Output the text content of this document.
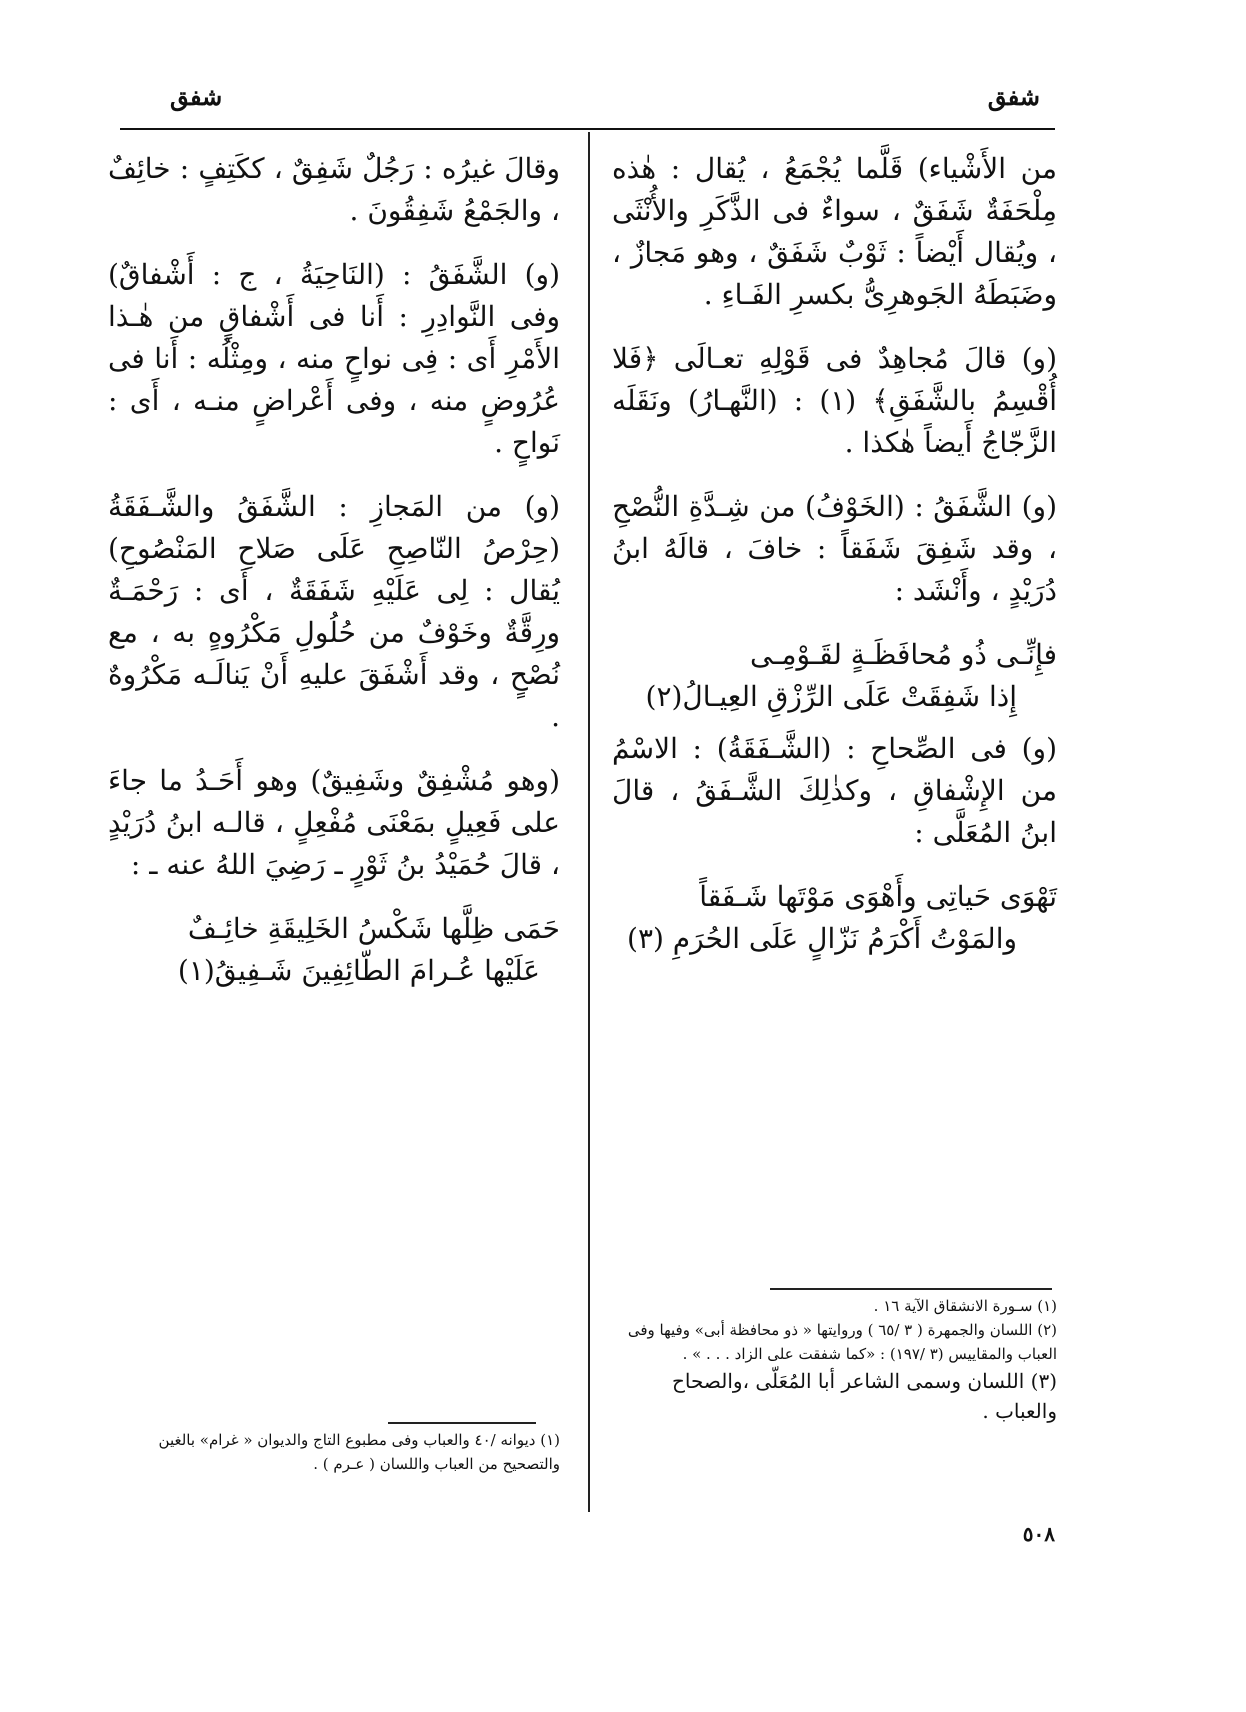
شفق
شفق

من الأَشْياء) قَلَّما يُجْمَعُ ، يُقال : هٰذه مِلْحَفَةٌ شَفَقٌ ، سواءٌ فى الذَّكَرِ والأُنْثَى ، ويُقال أَيْضاً : ثَوْبٌ شَفَقٌ ، وهو مَجازٌ ، وضَبَطَهُ الجَوهرِىُّ بكسرِ الفَـاءِ .

(و) قالَ مُجاهِدٌ فى قَوْلِهِ تعـالَى ﴿فَلا أُقْسِمُ بالشَّفَقِ﴾ (١) : (النَّهـارُ) ونَقَلَه الزَّجّاجُ أَيضاً هٰكذا .

(و) الشَّفَقُ : (الخَوْفُ) من شِـدَّةِ النُّصْحِ ، وقد شَفِقَ شَفَقاً : خافَ ، قالَهُ ابنُ دُرَيْدٍ ، وأَنْشَد :

فإِنِّـى ذُو مُحافَظَـةٍ لقَـوْمِـى
إِذا شَفِقَتْ عَلَى الرِّزْقِ العِيـالُ(٢)

(و) فى الصِّحاحِ : (الشَّـفَقَةُ) : الاسْمُ من الإِشْفاقِ ، وكذٰلِكَ الشَّـفَقُ ، قالَ ابنُ المُعَلَّى :

تَهْوَى حَياتِى وأَهْوَى مَوْتَها شَـفَقاً
والمَوْتُ أَكْرَمُ نَزّالٍ عَلَى الحُرَمِ (٣)

(١) سـورة الانشقاق الآية ١٦ .

(٢) اللسان والجمهرة ( ٣ /٦٥ ) وروايتها « ذو محافظة أبى» وفيها وفى العباب والمقاييس (٣ /١٩٧) : «كما شفقت على الزاد . . . » .

(٣) اللسان وسمى الشاعر أبا المُعَلّى ،والصحاح والعباب .

وقالَ غيرُه : رَجُلٌ شَفِقٌ ، ككَتِفٍ : خائِفٌ ، والجَمْعُ شَفِقُونَ .

(و) الشَّفَقُ : (النَاحِيَةُ ، ج : أَشْفاقٌ) وفى النَّوادِرِ : أَنا فى أَشْفاقٍ من هٰـذا الأَمْرِ أَى : فِى نواحٍ منه ، ومِثْلُه : أَنا فى عُرُوضٍ منه ، وفى أَعْراضٍ منـه ، أَى : نَواحٍ .

(و) من المَجازِ : الشَّفَقُ والشَّـفَقَةُ (حِرْصُ النّاصِحِ عَلَى صَلاحِ المَنْصُوحِ) يُقال : لِى عَلَيْهِ شَفَقَةٌ ، أَى : رَحْمَـةٌ ورِقَّةٌ وخَوْفٌ من حُلُولِ مَكْرُوهٍ به ، مع نُصْحٍ ، وقد أَشْفَقَ عليهِ أَنْ يَنالَـه مَكْرُوهٌ .

(وهو مُشْفِقٌ وشَفِيقٌ) وهو أَحَـدُ ما جاءَ على فَعِيلٍ بمَعْنَى مُفْعِلٍ ، قالـه ابنُ دُرَيْدٍ ، قالَ حُمَيْدُ بنُ ثَوْرٍ ـ رَضِيَ اللهُ عنه ـ :

حَمَى ظِلَّها شَكْسُ الخَلِيقَةِ خائِـفٌ
عَلَيْها عُـرامَ الطّائِفِينَ شَـفِيقُ(١)

(١) ديوانه /٤٠ والعباب وفى مطبوع التاج والديوان « غرام» بالغين والتصحيح من العباب واللسان ( عـرم ) .

٥٠٨
